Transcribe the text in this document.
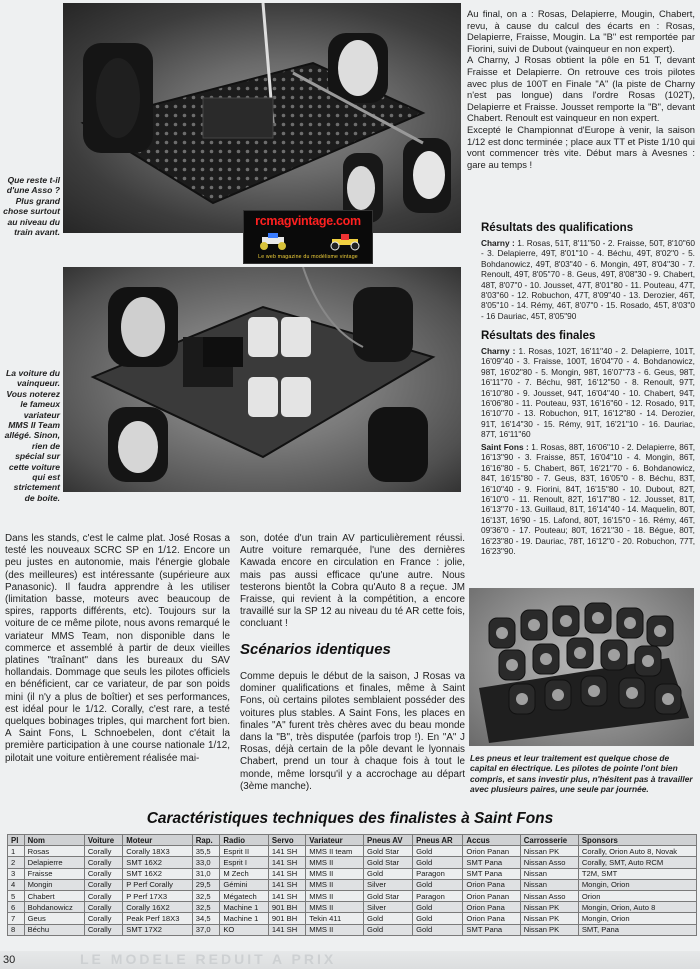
Que reste t-il d'une Asso ? Plus grand chose surtout au niveau du train avant.
rcmagvintage.com
Le web magazine du modélisme vintage
La voiture du vainqueur. Vous noterez le fameux variateur MMS II Team allégé. Sinon, rien de spécial sur cette voiture qui est strictement de boite.

Au final, on a : Rosas, Delapierre, Mougin, Chabert, revu, à cause du calcul des écarts en : Rosas, Delapierre, Fraisse, Mougin. La "B" est remportée par Fiorini, suivi de Dubout (vainqueur en non expert).

A Charny, J Rosas obtient la pôle en 51 T, devant Fraisse et Delapierre. On retrouve ces trois pilotes avec plus de 100T en Finale "A" (la piste de Charny n'est pas longue) dans l'ordre Rosas (102T), Delapierre et Fraisse. Jousset remporte la "B", devant Chabert. Renoult est vainqueur en non expert.

Excepté le Championnat d'Europe à venir, la saison 1/12 est donc terminée ; place aux TT et Piste 1/10 qui vont commencer très vite. Début mars à Avesnes : gare au temps !

Résultats des qualifications
Charny : 1. Rosas, 51T, 8'11"50 - 2. Fraisse, 50T, 8'10"60 - 3. Delapierre, 49T, 8'01"10 - 4. Béchu, 49T, 8'02"0 - 5. Bohdanowicz, 49T, 8'03"40 - 6. Mongin, 49T, 8'04"30 - 7. Renoult, 49T, 8'05"70 - 8. Geus, 49T, 8'08"30 - 9. Chabert, 48T, 8'07"0 - 10. Jousset, 47T, 8'01"80 - 11. Pouteau, 47T, 8'03"60 - 12. Robuchon, 47T, 8'09"40 - 13. Derozier, 46T, 8'05"10 - 14. Rémy, 46T, 8'07"0 - 15. Rosado, 45T, 8'03"0 - 16 Dauriac, 45T, 8'05"90
Résultats des finales
Charny : 1. Rosas, 102T, 16'11"40 - 2. Delapierre, 101T, 16'09"40 - 3. Fraisse, 100T, 16'04"70 - 4. Bohdanowicz, 98T, 16'02"80 - 5. Mongin, 98T, 16'07"73 - 6. Geus, 98T, 16'11"70 - 7. Béchu, 98T, 16'12"50 - 8. Renoult, 97T, 16'10"80 - 9. Jousset, 94T, 16'04"40 - 10. Chabert, 94T, 16'06"80 - 11. Pouteau, 93T, 16'16"60 - 12. Rosado, 91T, 16'10"70 - 13. Robuchon, 91T, 16'12"80 - 14. Derozier, 91T, 16'14"30 - 15. Rémy, 91T, 16'21"10 - 16. Dauriac, 87T, 16'11"60
Saint Fons : 1. Rosas, 88T, 16'06"10 - 2. Delapierre, 86T, 16'13"90 - 3. Fraisse, 85T, 16'04"10 - 4. Mongin, 86T, 16'16"80 - 5. Chabert, 86T, 16'21"70 - 6. Bohdanowicz, 84T, 16'15"80 - 7. Geus, 83T, 16'05"0 - 8. Béchu, 83T, 16'10"40 - 9. Fiorini, 84T, 16'15"80 - 10. Dubout, 82T, 16'10"0 - 11. Renoult, 82T, 16'17"80 - 12. Jousset, 81T, 16'13"70 - 13. Guillaud, 81T, 16'14"40 - 14. Maquelin, 80T, 16'13T, 16'90 - 15. Lafond, 80T, 16'15"0 - 16. Rémy, 46T, 09'36"0 - 17. Pouteau; 80T, 16'21"30 - 18. Bégue, 80T, 16'23"80 - 19. Dauriac, 78T, 16'12"0 - 20. Robuchon, 77T, 16'23"90.
Les pneus et leur traitement est quelque chose de capital en électrique. Les pilotes de pointe l'ont bien compris, et sans investir plus, n'hésitent pas à travailler avec plusieurs paires, une seule par journée.
Dans les stands, c'est le calme plat. José Rosas a testé les nouveaux SCRC SP en 1/12. Encore un peu justes en autonomie, mais l'énergie globale (des meilleures) est intéressante (supérieure aux Panasonic). Il faudra apprendre à les utiliser (limitation basse, moteurs avec beaucoup de spires, rapports différents, etc). Toujours sur la voiture de ce même pilote, nous avons remarqué le variateur MMS Team, non disponible dans le commerce et assemblé à partir de deux vieilles platines "traînant" dans les bureaux du SAV hollandais. Dommage que seuls les pilotes officiels en bénéficient, car ce variateur, de par son poids mini (il n'y a plus de boîtier) et ses performances, est idéal pour le 1/12. Corally, c'est rare, a testé quelques bobinages triples, qui marchent fort bien. A Saint Fons, L Schnoebelen, dont c'était la première participation à une course nationale 1/12, pilotait une voiture entièrement réalisée mai-
son, dotée d'un train AV particulièrement réussi. Autre voiture remarquée, l'une des dernières Kawada encore en circulation en France : jolie, mais pas aussi efficace qu'une autre. Nous testerons bientôt la Cobra qu'Auto 8 a reçue. JM Fraisse, qui revient à la compétition, a encore travaillé sur la SP 12 au niveau du té AR cette fois, concluant !
Scénarios identiques
Comme depuis le début de la saison, J Rosas va dominer qualifications et finales, même à Saint Fons, où certains pilotes semblaient posséder des voitures plus stables. A Saint Fons, les places en finales "A" furent très chères avec du beau monde dans la "B", très disputée (parfois trop !). En "A" J Rosas, déjà certain de la pôle devant le lyonnais Chabert, prend un tour à chaque fois à tout le monde, même lorsqu'il y a accrochage au départ (3ème manche).
Caractéristiques techniques des finalistes à Saint Fons
Pl	Nom	Voiture	Moteur	Rap.	Radio	Servo	Variateur	Pneus AV	Pneus AR	Accus	Carrosserie	Sponsors
1	Rosas	Corally	Corally 18X3	35,5	Esprit II	141 SH	MMS II team	Gold Star	Gold	Orion Panan	Nissan PK	Corally, Orion Auto 8, Novak
2	Delapierre	Corally	SMT 16X2	33,0	Esprit I	141 SH	MMS II	Gold Star	Gold	SMT Pana	Nissan Asso	Corally, SMT, Auto RCM
3	Fraisse	Corally	SMT 16X2	31,0	M Zech	141 SH	MMS II	Gold	Paragon	SMT Pana	Nissan	T2M, SMT
4	Mongin	Corally	P Perf Corally	29,5	Gémini	141 SH	MMS II	Silver	Gold	Orion Pana	Nissan	Mongin, Orion
5	Chabert	Corally	P Perf 17X3	32,5	Mégatech	141 SH	MMS II	Gold Star	Paragon	Orion Panan	Nissan Asso	Orion
6	Bohdanowicz	Corally	Corally 16X2	32,5	Machine 1	901 BH	MMS II	Silver	Gold	Orion Pana	Nissan PK	Mongin, Orion, Auto 8
7	Geus	Corally	Peak Perf 18X3	34,5	Machine 1	901 BH	Tekin 411	Gold	Gold	Orion Pana	Nissan PK	Mongin, Orion
8	Béchu	Corally	SMT 17X2	37,0	KO	141 SH	MMS II	Gold	Gold	SMT Pana	Nissan PK	SMT, Pana
LE MODELE REDUIT A PRIX
30
